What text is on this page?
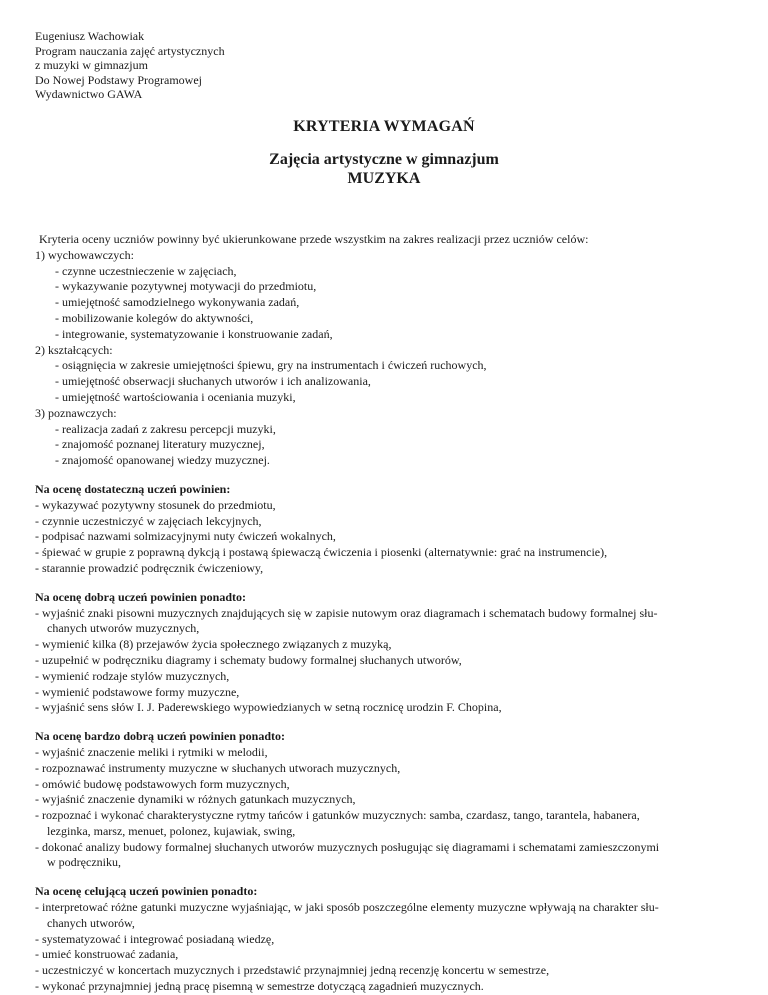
Eugeniusz Wachowiak
Program nauczania zajęć artystycznych
z muzyki w gimnazjum
Do Nowej Podstawy Programowej
Wydawnictwo GAWA
KRYTERIA WYMAGAŃ
Zajęcia artystyczne w gimnazjum
MUZYKA
Kryteria oceny uczniów powinny być ukierunkowane przede wszystkim na zakres realizacji przez uczniów celów:
1) wychowawczych:
- czynne uczestnieczenie w zajęciach,
- wykazywanie pozytywnej motywacji do przedmiotu,
- umiejętność samodzielnego wykonywania zadań,
- mobilizowanie kolegów do aktywności,
- integrowanie, systematyzowanie i konstruowanie zadań,
2) kształcących:
- osiągnięcia w zakresie umiejętności śpiewu, gry na instrumentach i ćwiczeń ruchowych,
- umiejętność obserwacji słuchanych utworów i ich analizowania,
- umiejętność wartościowania i oceniania muzyki,
3) poznawczych:
- realizacja zadań z zakresu percepcji muzyki,
- znajomość poznanej literatury muzycznej,
- znajomość opanowanej wiedzy muzycznej.
Na ocenę dostateczną uczeń powinien:
- wykazywać pozytywny stosunek do przedmiotu,
- czynnie uczestniczyć w zajęciach lekcyjnych,
- podpisać nazwami solmizacyjnymi nuty ćwiczeń wokalnych,
- śpiewać w grupie z poprawną dykcją i postawą śpiewaczą ćwiczenia i piosenki (alternatywnie: grać na instrumencie),
- starannie prowadzić podręcznik ćwiczeniowy,
Na ocenę dobrą uczeń powinien ponadto:
- wyjaśnić znaki pisowni muzycznych znajdujących się w zapisie nutowym oraz diagramach i schematach budowy formalnej słu-
chanych utworów muzycznych,
- wymienić kilka (8) przejawów życia społecznego związanych z muzyką,
- uzupełnić w podręczniku diagramy i schematy budowy formalnej słuchanych utworów,
- wymienić rodzaje stylów muzycznych,
- wymienić podstawowe formy muzyczne,
- wyjaśnić sens słów I. J. Paderewskiego wypowiedzianych w setną rocznicę urodzin F. Chopina,
Na ocenę bardzo dobrą uczeń powinien ponadto:
- wyjaśnić znaczenie meliki i rytmiki w melodii,
- rozpoznawać instrumenty muzyczne w słuchanych utworach muzycznych,
- omówić budowę podstawowych form muzycznych,
- wyjaśnić znaczenie dynamiki w różnych gatunkach muzycznych,
- rozpoznać i wykonać charakterystyczne rytmy tańców i gatunków muzycznych: samba, czardasz, tango, tarantela, habanera,
lezginka, marsz, menuet, polonez, kujawiak, swing,
- dokonać analizy budowy formalnej słuchanych utworów muzycznych posługując się diagramami i schematami zamieszczonymi
w podręczniku,
Na ocenę celującą uczeń powinien ponadto:
- interpretować różne gatunki muzyczne wyjaśniając, w jaki sposób poszczególne elementy muzyczne wpływają na charakter słu-
chanych utworów,
- systematyzować i integrować posiadaną wiedzę,
- umieć konstruować zadania,
- uczestniczyć w koncertach muzycznych i przedstawić przynajmniej jedną recenzję koncertu w semestrze,
- wykonać przynajmniej jedną pracę pisemną w semestrze dotyczącą zagadnień muzycznych.
